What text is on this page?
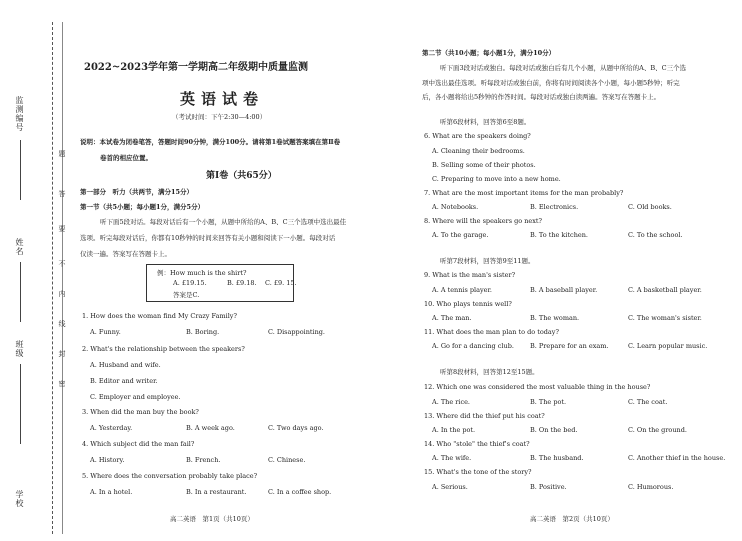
监测编号
姓名
班级
学校
题
答
要
不
内
线
封
密
2022~2023学年第一学期高二年级期中质量监测
英语试卷
（考试时间：下午2:30—4:00）
说明：本试卷为闭卷笔答，答题时间90分钟，满分100分。请将第1卷试题答案填在第Ⅱ卷
卷首的相应位置。
第Ⅰ卷（共65分）
第一部分　听力（共两节，满分15分）
第一节（共5小题；每小题1分，满分5分）
听下面5段对话。每段对话后有一个小题，从题中所给的A、B、C三个选项中选出最佳
选项。听完每段对话后，你都有10秒钟的时间来回答有关小题和阅读下一小题。每段对话
仅读一遍。答案写在答题卡上。
例：How much is the shirt?
A. £19.15.	B. £9.18. C. £9. 15.
答案是C.
1. How does the woman find My Crazy Family?
A. Funny.	B. Boring.	C. Disappointing.
2. What's the relationship between the speakers?
A. Husband and wife.
B. Editor and writer.
C. Employer and employee.
3. When did the man buy the book?
A. Yesterday.	B. A week ago.	C. Two days ago.
4. Which subject did the man fail?
A. History.	B. French.	C. Chinese.
5. Where does the conversation probably take place?
A. In a hotel.	B. In a restaurant.	C. In a coffee shop.
高二英语　第1页（共10页）
第二节（共10小题；每小题1分，满分10分）
听下面3段对话或独白。每段对话或独白后有几个小题，从题中所给的A、B、C三个选
项中选出最佳选项。听每段对话或独白前，你将有时间阅读各个小题，每小题5秒钟；听完
后，各小题将给出5秒钟的作答时间。每段对话或独白读两遍。答案写在答题卡上。
听第6段材料，回答第6至8题。
6. What are the speakers doing?
A. Cleaning their bedrooms.
B. Selling some of their photos.
C. Preparing to move into a new home.
7. What are the most important items for the man probably?
A. Notebooks.	B. Electronics.	C. Old books.
8. Where will the speakers go next?
A. To the garage.	B. To the kitchen.	C. To the school.
听第7段材料，回答第9至11题。
9. What is the man's sister?
A. A tennis player.	B. A baseball player.	C. A basketball player.
10. Who plays tennis well?
A. The man.	B. The woman.	C. The woman's sister.
11. What does the man plan to do today?
A. Go for a dancing club. B. Prepare for an exam.	C. Learn popular music.
听第8段材料，回答第12至15题。
12. Which one was considered the most valuable thing in the house?
A. The rice.	B. The pot.	C. The coat.
13. Where did the thief put his coat?
A. In the pot.	B. On the bed.	C. On the ground.
14. Who "stole" the thief's coat?
A. The wife.	B. The husband.	C. Another thief in the house.
15. What's the tone of the story?
A. Serious.	B. Positive.	C. Humorous.
高二英语　第2页（共10页）
